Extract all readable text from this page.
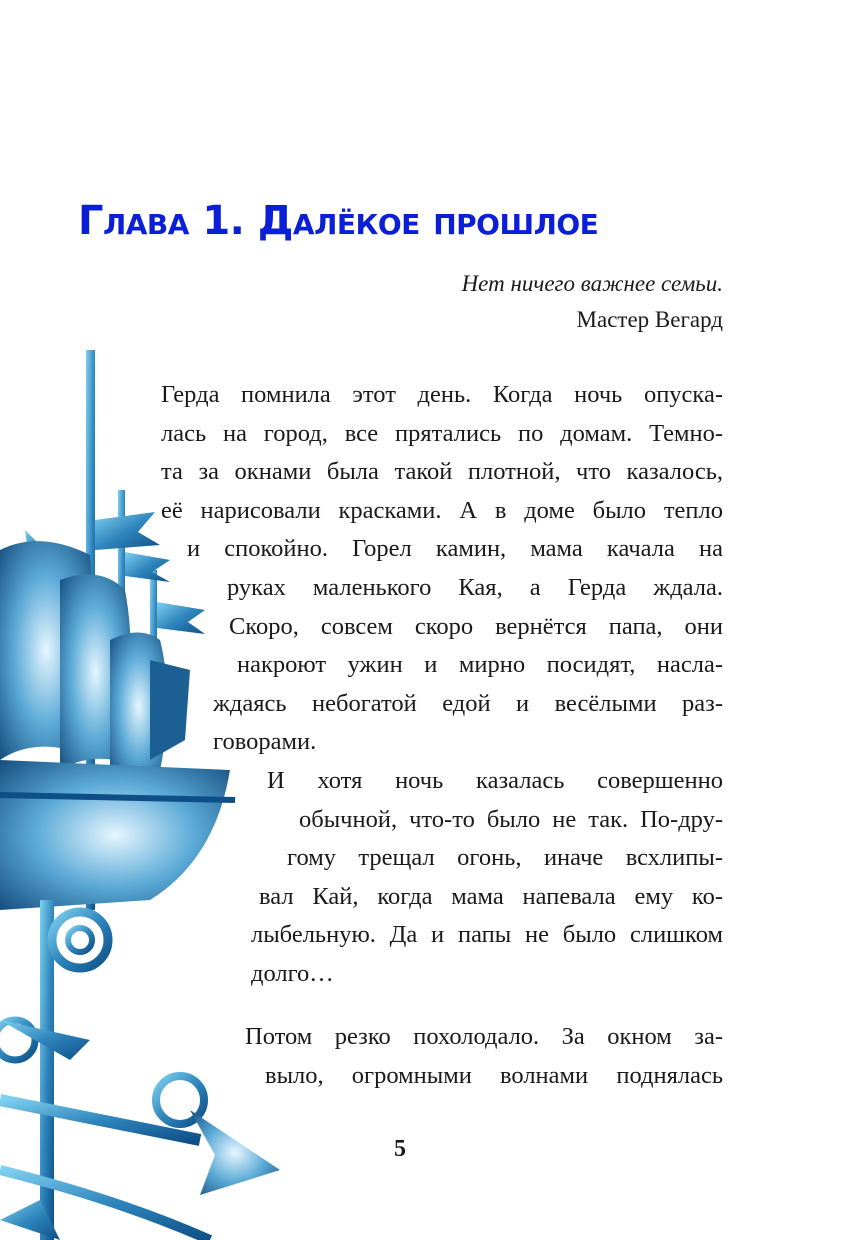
Глава 1. Далёкое прошлое
Нет ничего важнее семьи.
Мастер Вегард
Герда помнила этот день. Когда ночь опуска-
лась на город, все прятались по домам. Темно-
та за окнами была такой плотной, что казалось,
её нарисовали красками. А в доме было тепло
и спокойно. Горел камин, мама качала на
руках маленького Кая, а Герда ждала.
Скоро, совсем скоро вернётся папа, они
накроют ужин и мирно посидят, насла-
ждаясь небогатой едой и весёлыми раз-
говорами.
И хотя ночь казалась совершенно
обычной, что-то было не так. По-дру-
гому трещал огонь, иначе всхлипы-
вал Кай, когда мама напевала ему ко-
лыбельную. Да и папы не было слишком
долго…
Потом резко похолодало. За окном за-
выло, огромными волнами поднялась
5
